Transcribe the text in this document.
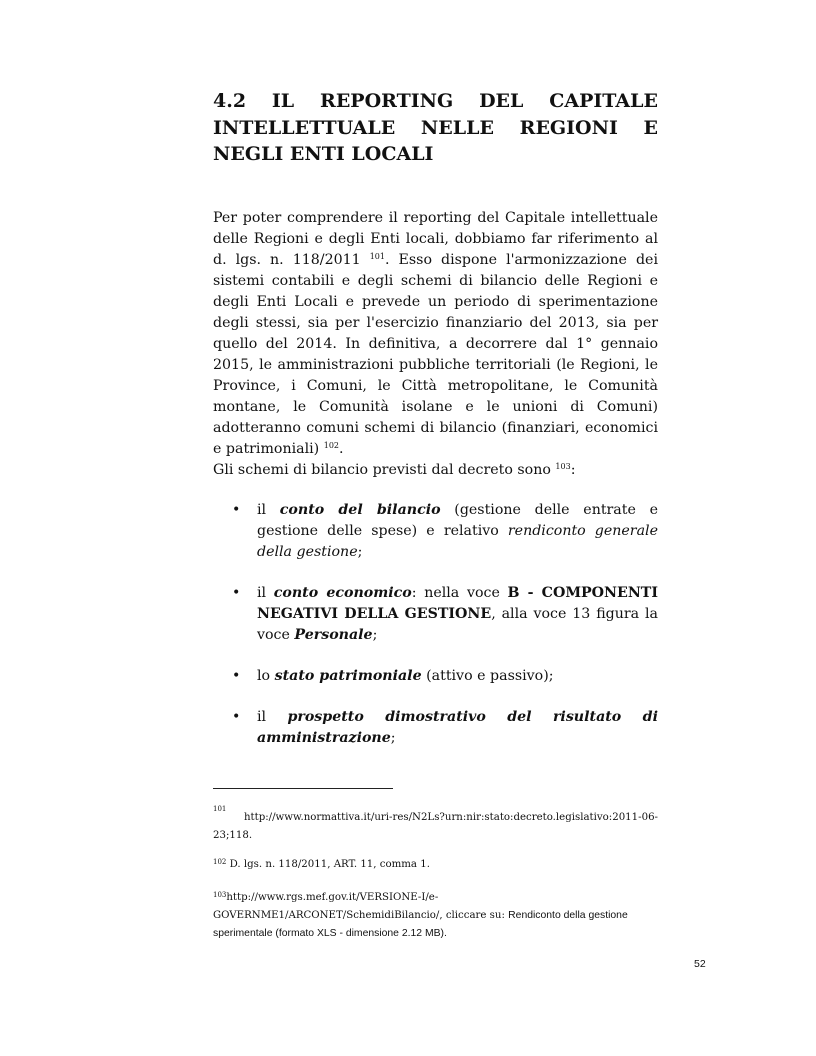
4.2 IL REPORTING DEL CAPITALE
INTELLETTUALE NELLE REGIONI E NEGLI ENTI LOCALI
Per poter comprendere il reporting del Capitale intellettuale delle Regioni e degli Enti locali, dobbiamo far riferimento al d. lgs. n. 118/2011 $^{101}$. Esso dispone l'armonizzazione dei sistemi contabili e degli schemi di bilancio delle Regioni e degli Enti Locali e prevede un periodo di sperimentazione degli stessi, sia per l'esercizio finanziario del 2013, sia per quello del 2014. In definitiva, a decorrere dal 1° gennaio 2015, le amministrazioni pubbliche territoriali (le Regioni, le Province, i Comuni, le Città metropolitane, le Comunità montane, le Comunità isolane e le unioni di Comuni) adotteranno comuni schemi di bilancio (finanziari, economici e patrimoniali) $^{102}$.
Gli schemi di bilancio previsti dal decreto sono $^{103}$:
• il conto del bilancio (gestione delle entrate e gestione delle spese) e relativo rendiconto generale della gestione;
• il conto economico: nella voce B - COMPONENTI NEGATIVI DELLA GESTIONE, alla voce 13 figura la voce Personale;
• lo stato patrimoniale (attivo e passivo);
• il prospetto dimostrativo del risultato di
amministrazione;
101
http://www.normattiva.it/uri-res/N2Ls?urn:nir:stato:decreto.legislativo:2011-06-
23;118.
$^{102}$ D. lgs. n. 118/2011, ART. 11, comma 1.
$^{103}$http://www.rgs.mef.gov.it/VERSIONE-I/e-
GOVERNME1/ARCONET/SchemidiBilancio/, cliccare su: Rendiconto della gestione sperimentale (formato XLS - dimensione 2.12 MB).
52
